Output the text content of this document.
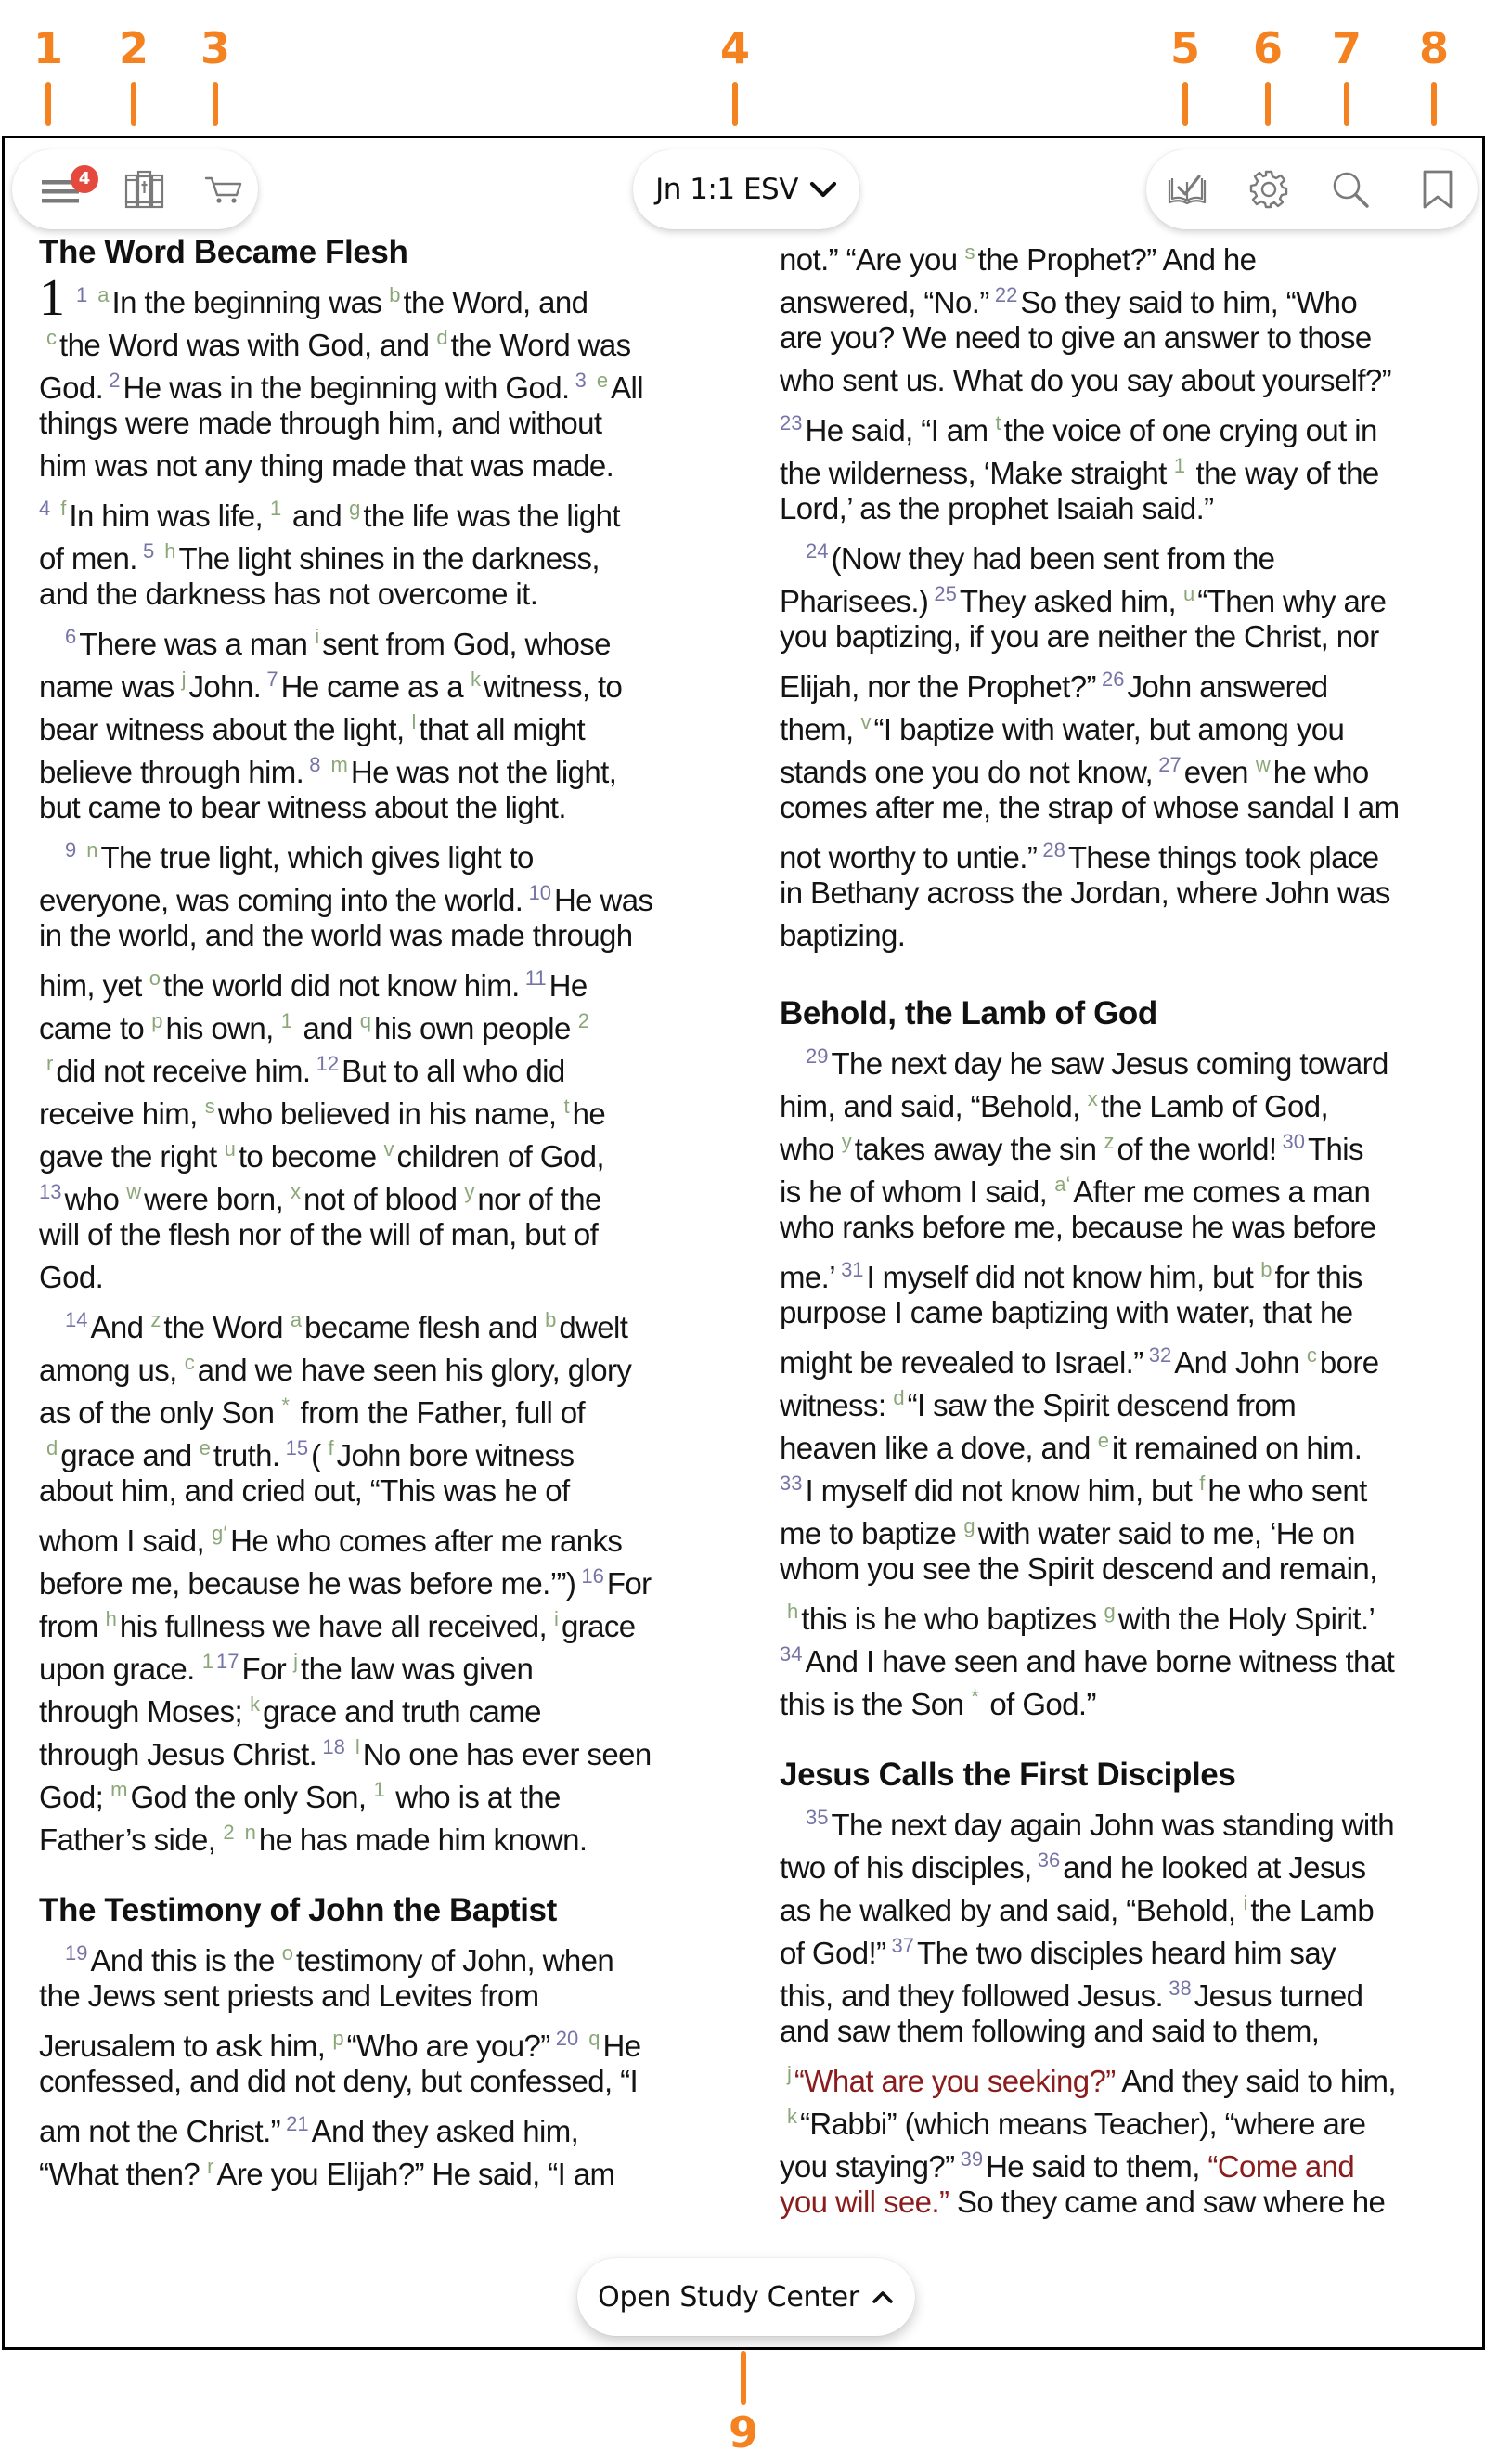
1 2 3	4	5 6 7 8
9
4	Jn 1:1 ESV
The Word Became Flesh
1 $^1$ $^a$In the beginning was $^b$the Word, and
$^c$the Word was with God, and $^d$the Word was
God. $^2$He was in the beginning with God. $^3$ $^e$All
things were made through him, and without
him was not any thing made that was made.
$^4$ $^f$In him was life, $^1$ and $^g$the life was the light
of men. $^5$ $^h$The light shines in the darkness,
and the darkness has not overcome it.
$^6$There was a man $^i$sent from God, whose
name was $^j$John. $^7$He came as a $^k$witness, to
bear witness about the light, $^l$that all might
believe through him. $^8$ $^m$He was not the light,
but came to bear witness about the light.
$^9$ $^n$The true light, which gives light to
everyone, was coming into the world. $^{10}$He was
in the world, and the world was made through
him, yet $^o$the world did not know him. $^{11}$He
came to $^p$his own, $^1$ and $^q$his own people $^2$
$^r$did not receive him. $^{12}$But to all who did
receive him, $^s$who believed in his name, $^t$he
gave the right $^u$to become $^v$children of God,
$^{13}$who $^w$were born, $^x$not of blood $^y$nor of the
will of the flesh nor of the will of man, but of
God.
$^{14}$And $^z$the Word $^a$became flesh and $^b$dwelt
among us, $^c$and we have seen his glory, glory
as of the only Son * from the Father, full of
$^d$grace and $^e$truth. $^{15}$( $^f$John bore witness
about him, and cried out, “This was he of
whom I said, $^{g‘}$He who comes after me ranks
before me, because he was before me.’”) $^{16}$For
from $^h$his fullness we have all received, $^i$grace
upon grace. $^1$ $^{17}$For $^j$the law was given
through Moses; $^k$grace and truth came
through Jesus Christ. $^{18}$ $^l$No one has ever seen
God; $^m$God the only Son, $^1$ who is at the
Father’s side, $^2$ $^n$he has made him known.
The Testimony of John the Baptist
$^{19}$And this is the $^o$testimony of John, when
the Jews sent priests and Levites from
Jerusalem to ask him, $^p$“Who are you?” $^{20}$ $^q$He
confessed, and did not deny, but confessed, “I
am not the Christ.” $^{21}$And they asked him,
“What then? $^r$Are you Elijah?” He said, “I am
not.” “Are you $^s$the Prophet?” And he
answered, “No.” $^{22}$So they said to him, “Who
are you? We need to give an answer to those
who sent us. What do you say about yourself?”
$^{23}$He said, “I am $^t$the voice of one crying out in
the wilderness, ‘Make straight $^1$ the way of the
Lord,’ as the prophet Isaiah said.”
$^{24}$(Now they had been sent from the
Pharisees.) $^{25}$They asked him, $^u$“Then why are
you baptizing, if you are neither the Christ, nor
Elijah, nor the Prophet?” $^{26}$John answered
them, $^v$“I baptize with water, but among you
stands one you do not know, $^{27}$even $^w$he who
comes after me, the strap of whose sandal I am
not worthy to untie.” $^{28}$These things took place
in Bethany across the Jordan, where John was
baptizing.
Behold, the Lamb of God
$^{29}$The next day he saw Jesus coming toward
him, and said, “Behold, $^x$the Lamb of God,
who $^y$takes away the sin $^z$of the world! $^{30}$This
is he of whom I said, $^{a‘}$After me comes a man
who ranks before me, because he was before
me.’ $^{31}$I myself did not know him, but $^b$for this
purpose I came baptizing with water, that he
might be revealed to Israel.” $^{32}$And John $^c$bore
witness: $^d$“I saw the Spirit descend from
heaven like a dove, and $^e$it remained on him.
$^{33}$I myself did not know him, but $^f$he who sent
me to baptize $^g$with water said to me, ‘He on
whom you see the Spirit descend and remain,
$^h$this is he who baptizes $^g$with the Holy Spirit.’
$^{34}$And I have seen and have borne witness that
this is the Son * of God.”
Jesus Calls the First Disciples
$^{35}$The next day again John was standing with
two of his disciples, $^{36}$and he looked at Jesus
as he walked by and said, “Behold, $^i$the Lamb
of God!” $^{37}$The two disciples heard him say
this, and they followed Jesus. $^{38}$Jesus turned
and saw them following and said to them,
$^j$“What are you seeking?” And they said to him,
$^k$“Rabbi” (which means Teacher), “where are
you staying?” $^{39}$He said to them, “Come and
you will see.” So they came and saw where he
Open Study Center
